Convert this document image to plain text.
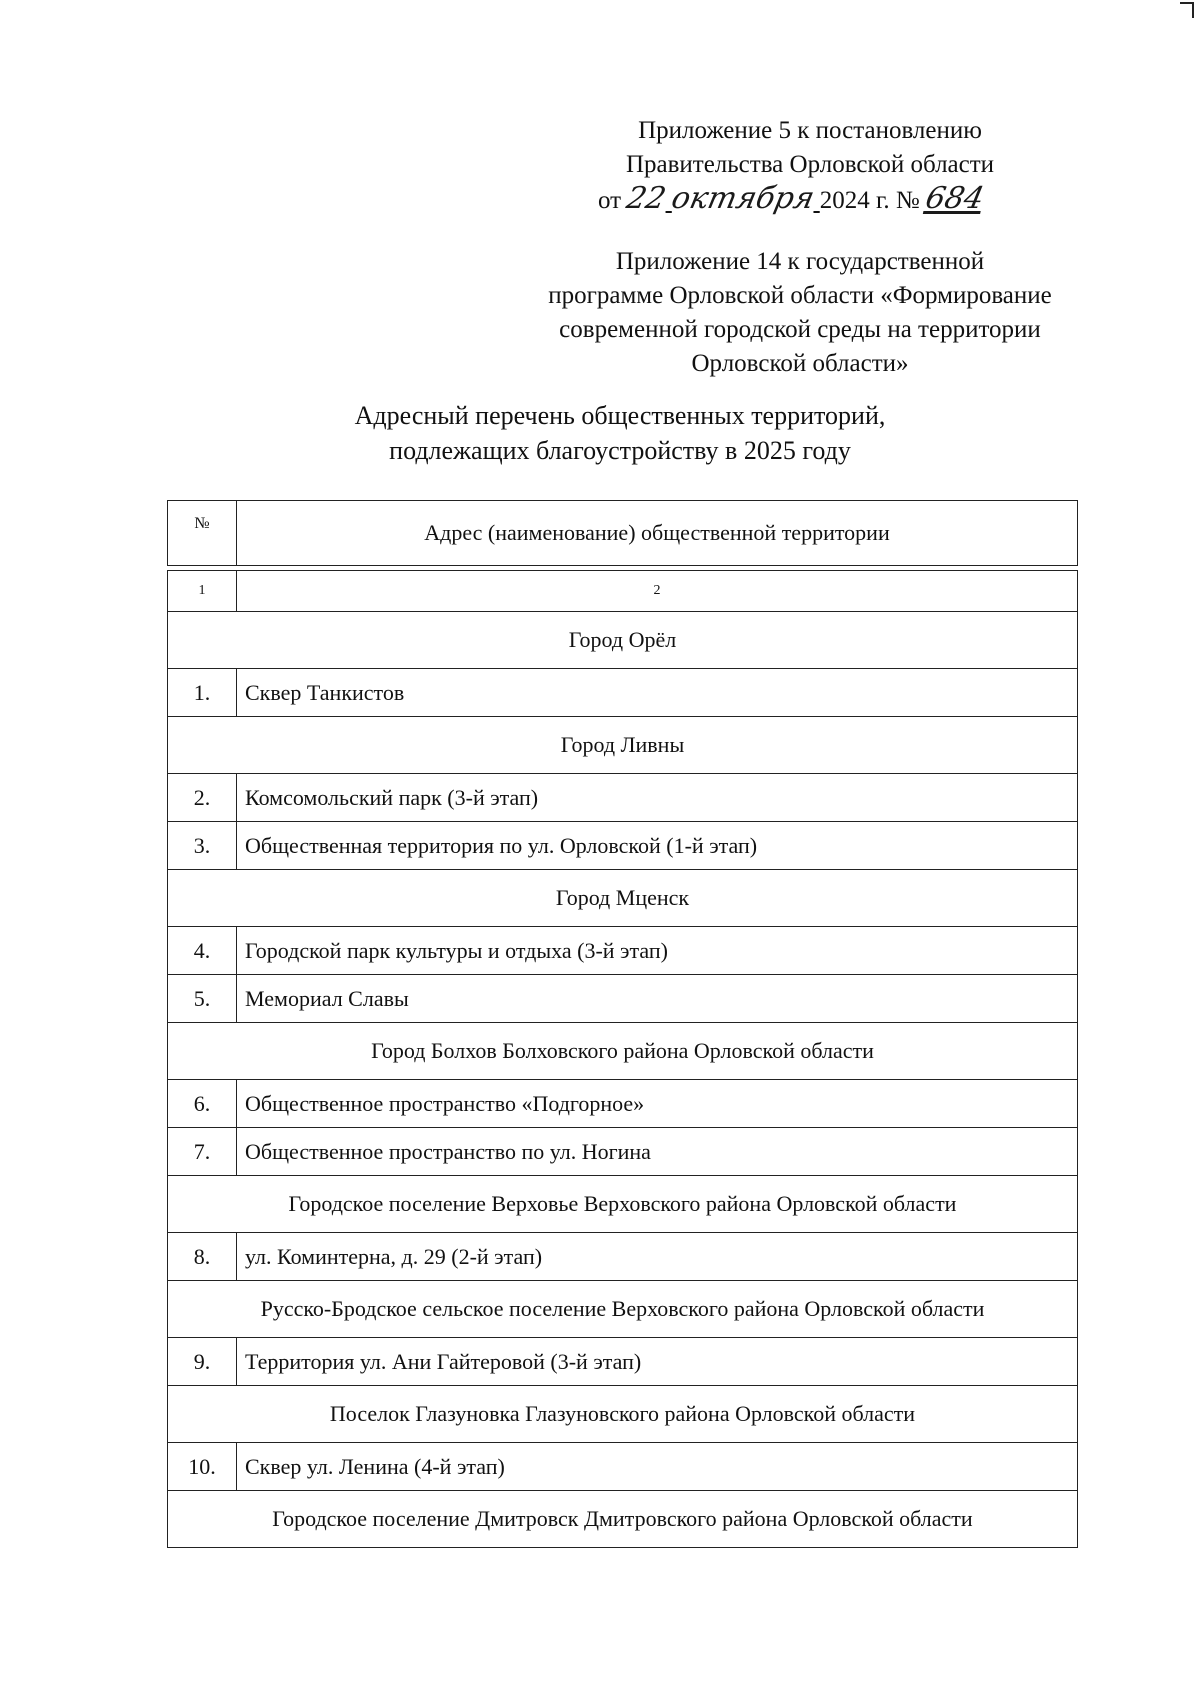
Приложение 5 к постановлению
Правительства Орловской области
от 22 октября 2024 г. № 684
Приложение 14 к государственной
программе Орловской области «Формирование
современной городской среды на территории
Орловской области»
Адресный перечень общественных территорий,
подлежащих благоустройству в 2025 году
№	Адрес (наименование) общественной территории

1	2
Город Орёл	
1.	Сквер Танкистов
Город Ливны	
2.	Комсомольский парк (3-й этап)
3.	Общественная территория по ул. Орловской (1-й этап)
Город Мценск	
4.	Городской парк культуры и отдыха (3-й этап)
5.	Мемориал Славы
Город Болхов Болховского района Орловской области	
6.	Общественное пространство «Подгорное»
7.	Общественное пространство по ул. Ногина
Городское поселение Верховье Верховского района Орловской области	
8.	ул. Коминтерна, д. 29 (2-й этап)
Русско-Бродское сельское поселение Верховского района Орловской области	
9.	Территория ул. Ани Гайтеровой (3-й этап)
Поселок Глазуновка Глазуновского района Орловской области	
10.	Сквер ул. Ленина (4-й этап)
Городское поселение Дмитровск Дмитровского района Орловской области	
